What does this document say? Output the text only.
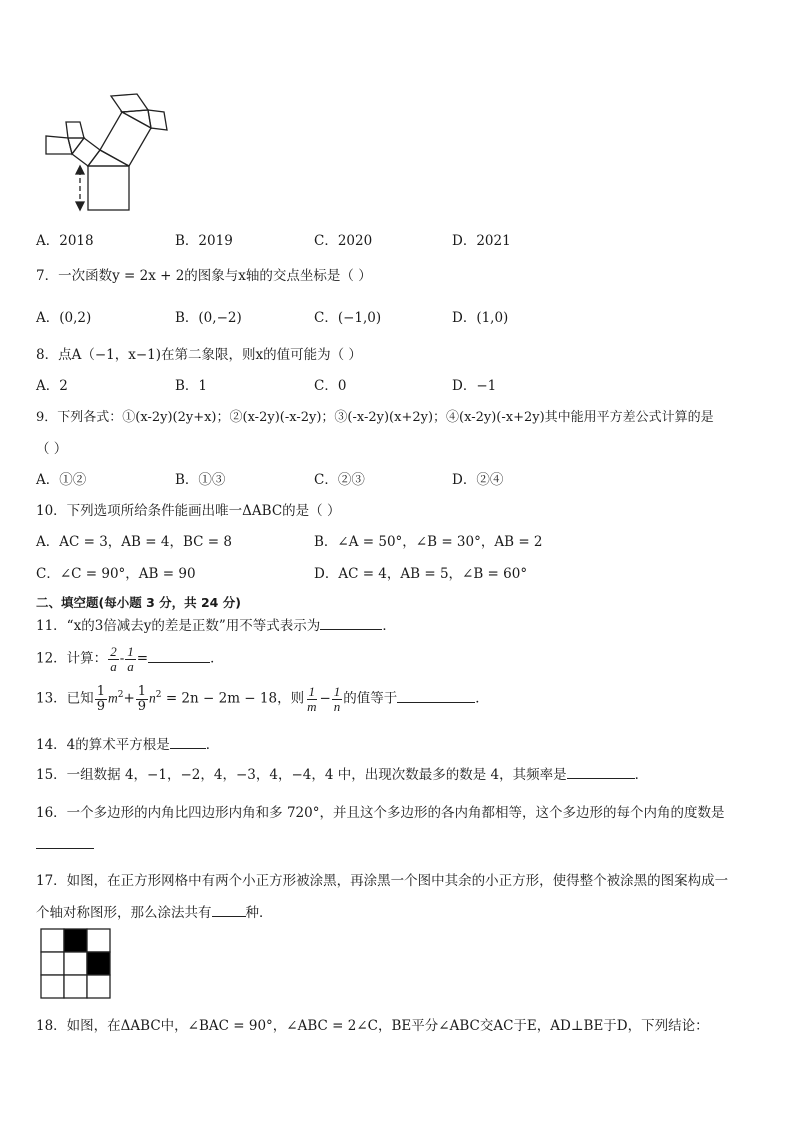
A．2018	B．2019	C．2020	D．2021
7．一次函数y = 2x + 2的图象与x轴的交点坐标是（ ）
A．(0,2)	B．(0,−2)	C．(−1,0)	D．(1,0)
8．点A（−1，x−1)在第二象限，则x的值可能为（ ）
A．2	B．1	C．0	D．−1
9．下列各式：①(x-2y)(2y+x)；②(x-2y)(-x-2y)；③(-x-2y)(x+2y)；④(x-2y)(-x+2y)其中能用平方差公式计算的是
（ ）
A．①②	B．①③	C．②③	D．②④
10．下列选项所给条件能画出唯一ΔABC的是（ ）
A．AC = 3，AB = 4，BC = 8	B．∠A = 50°，∠B = 30°，AB = 2
C．∠C = 90°，AB = 90	D．AC = 4，AB = 5，∠B = 60°
二、填空题(每小题 3 分，共 24 分)
11．“x的3倍减去y的差是正数”用不等式表示为	．
12．计算： $\frac{2}{a} - \frac{1}{a}$ =	．
13．已知 $\frac{1}{9} m^2+ \frac{1}{9} n^2 = 2n - 2m - 18$，则 $\frac{1}{m} - \frac{1}{n}$ 的值等于	．
14．4的算术平方根是	．
15．一组数据 4，−1，−2，4，−3，4，−4，4 中，出现次数最多的数是 4，其频率是	．
16．一个多边形的内角比四边形内角和多 720°，并且这个多边形的各内角都相等，这个多边形的每个内角的度数是
17．如图，在正方形网格中有两个小正方形被涂黑，再涂黑一个图中其余的小正方形，使得整个被涂黑的图案构成一
个轴对称图形，那么涂法共有	种．
18．如图，在ΔABC中，∠BAC = 90°，∠ABC = 2∠C，BE平分∠ABC交AC于E，AD⊥BE于D，下列结论：
